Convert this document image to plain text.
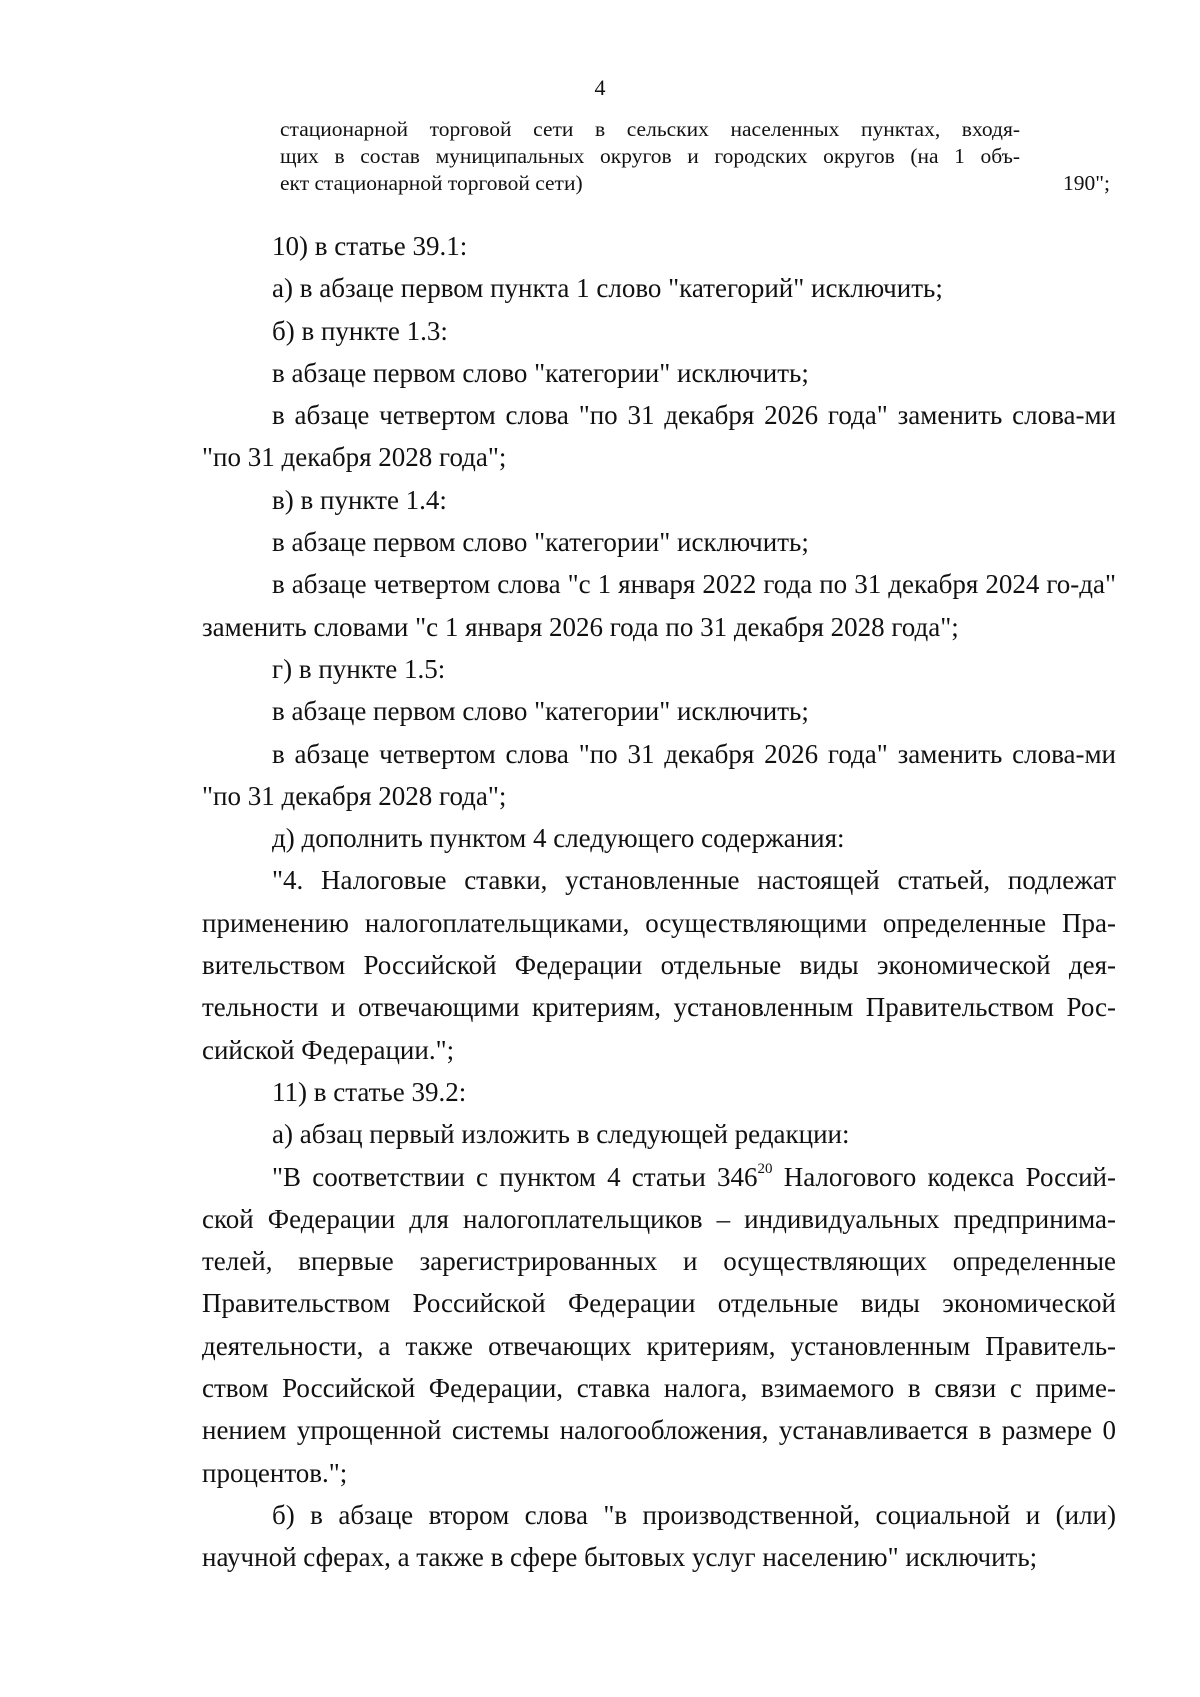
4
стационарной торговой сети в сельских населенных пунктах, входя-
щих в состав муниципальных округов и городских округов (на 1 объ-
ект стационарной торговой сети)	190";

10) в статье 39.1:

а) в абзаце первом пункта 1 слово "категорий" исключить;

б) в пункте 1.3:

в абзаце первом слово "категории" исключить;

в абзаце четвертом слова "по 31 декабря 2026 года" заменить слова-ми "по 31 декабря 2028 года";

в) в пункте 1.4:

в абзаце первом слово "категории" исключить;

в абзаце четвертом слова "с 1 января 2022 года по 31 декабря 2024 го-да" заменить словами "с 1 января 2026 года по 31 декабря 2028 года";

г) в пункте 1.5:

в абзаце первом слово "категории" исключить;

в абзаце четвертом слова "по 31 декабря 2026 года" заменить слова-ми "по 31 декабря 2028 года";

д) дополнить пунктом 4 следующего содержания:

"4. Налоговые ставки, установленные настоящей статьей, подлежат применению налогоплательщиками, осуществляющими определенные Пра-вительством Российской Федерации отдельные виды экономической дея-тельности и отвечающими критериям, установленным Правительством Рос-сийской Федерации.";

11) в статье 39.2:

а) абзац первый изложить в следующей редакции:

"В соответствии с пунктом 4 статьи $346^{20}$ Налогового кодекса Россий-ской Федерации для налогоплательщиков – индивидуальных предпринима-телей, впервые зарегистрированных и осуществляющих определенные Правительством Российской Федерации отдельные виды экономической деятельности, а также отвечающих критериям, установленным Правитель-ством Российской Федерации, ставка налога, взимаемого в связи с приме-нением упрощенной системы налогообложения, устанавливается в размере 0 процентов.";

б) в абзаце втором слова "в производственной, социальной и (или) научной сферах, а также в сфере бытовых услуг населению" исключить;
